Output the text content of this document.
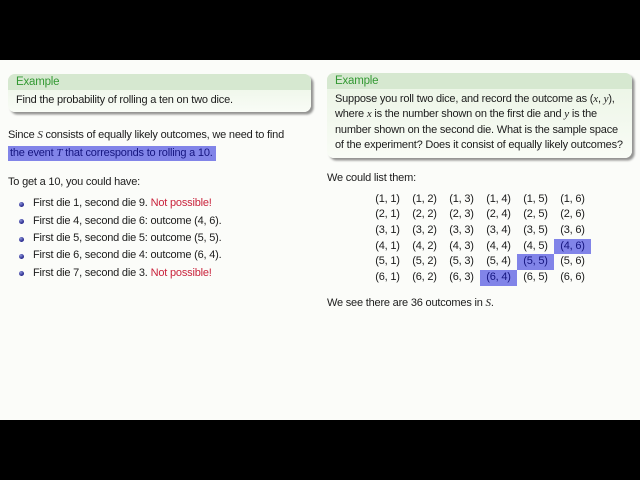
Example
Find the probability of rolling a ten on two dice.
Since S consists of equally likely outcomes, we need to find
the event T that corresponds to rolling a 10.
To get a 10, you could have:
First die 1, second die 9. Not possible!
First die 4, second die 6: outcome (4, 6).
First die 5, second die 5: outcome (5, 5).
First die 6, second die 4: outcome (6, 4).
First die 7, second die 3. Not possible!
Example
Suppose you roll two dice, and record the outcome as (x, y), where x is the number shown on the first die and y is the number shown on the second die. What is the sample space of the experiment? Does it consist of equally likely outcomes?
We could list them:
(1, 1) (1, 2) (1, 3) (1, 4) (1, 5) (1, 6)
(2, 1) (2, 2) (2, 3) (2, 4) (2, 5) (2, 6)
(3, 1) (3, 2) (3, 3) (3, 4) (3, 5) (3, 6)
(4, 1) (4, 2) (4, 3) (4, 4) (4, 5) (4, 6)
(5, 1) (5, 2) (5, 3) (5, 4) (5, 5) (5, 6)
(6, 1) (6, 2) (6, 3) (6, 4) (6, 5) (6, 6)
We see there are 36 outcomes in S.
